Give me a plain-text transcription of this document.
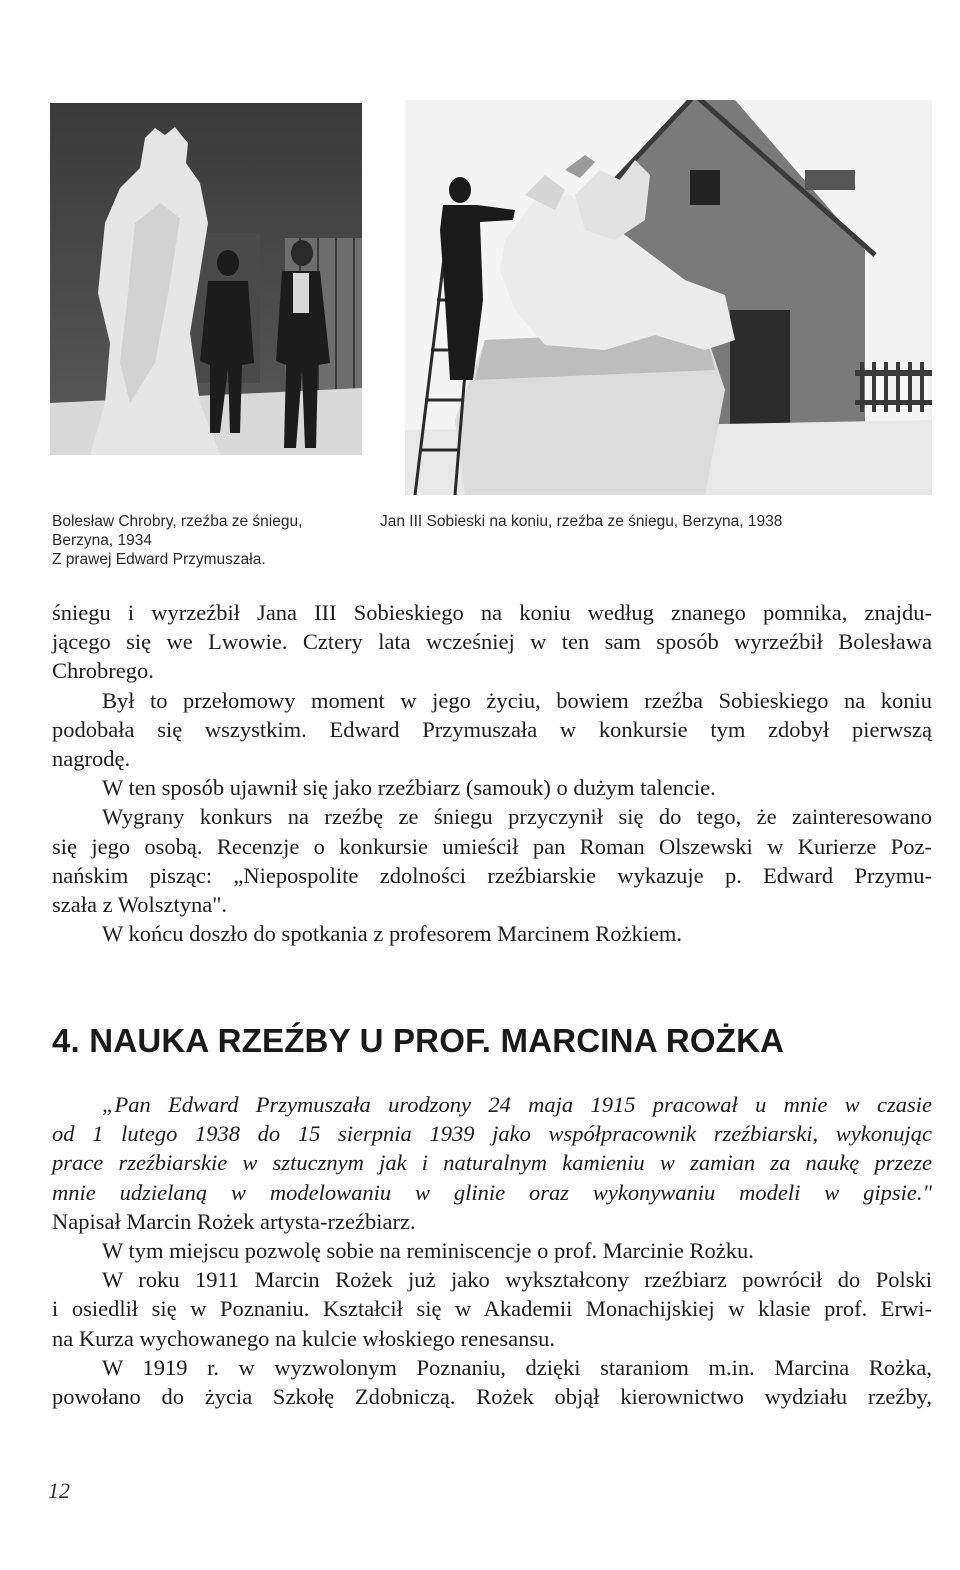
Bolesław Chrobry, rzeźba ze śniegu,
Berzyna, 1934
Z prawej Edward Przymuszała.
Jan III Sobieski na koniu, rzeźba ze śniegu, Berzyna, 1938
śniegu i wyrzeźbił Jana III Sobieskiego na koniu według znanego pomnika, znajdu-
jącego się we Lwowie. Cztery lata wcześniej w ten sam sposób wyrzeźbił Bolesława
Chrobrego.
Był to przełomowy moment w jego życiu, bowiem rzeźba Sobieskiego na koniu
podobała się wszystkim. Edward Przymuszała w konkursie tym zdobył pierwszą
nagrodę.
W ten sposób ujawnił się jako rzeźbiarz (samouk) o dużym talencie.
Wygrany konkurs na rzeźbę ze śniegu przyczynił się do tego, że zainteresowano
się jego osobą. Recenzje o konkursie umieścił pan Roman Olszewski w Kurierze Poz-
nańskim pisząc: „Niepospolite zdolności rzeźbiarskie wykazuje p. Edward Przymu-
szała z Wolsztyna".
W końcu doszło do spotkania z profesorem Marcinem Rożkiem.
4. NAUKA RZEŹBY U PROF. MARCINA ROŻKA
„Pan Edward Przymuszała urodzony 24 maja 1915 pracował u mnie w czasie
od 1 lutego 1938 do 15 sierpnia 1939 jako współpracownik rzeźbiarski, wykonując
prace rzeźbiarskie w sztucznym jak i naturalnym kamieniu w zamian za naukę przeze
mnie udzielaną w modelowaniu w glinie oraz wykonywaniu modeli w gipsie."
Napisał Marcin Rożek artysta-rzeźbiarz.
W tym miejscu pozwolę sobie na reminiscencje o prof. Marcinie Rożku.
W roku 1911 Marcin Rożek już jako wykształcony rzeźbiarz powrócił do Polski
i osiedlił się w Poznaniu. Kształcił się w Akademii Monachijskiej w klasie prof. Erwi-
na Kurza wychowanego na kulcie włoskiego renesansu.
W 1919 r. w wyzwolonym Poznaniu, dzięki staraniom m.in. Marcina Rożka,
powołano do życia Szkołę Zdobniczą. Rożek objął kierownictwo wydziału rzeźby,
12
